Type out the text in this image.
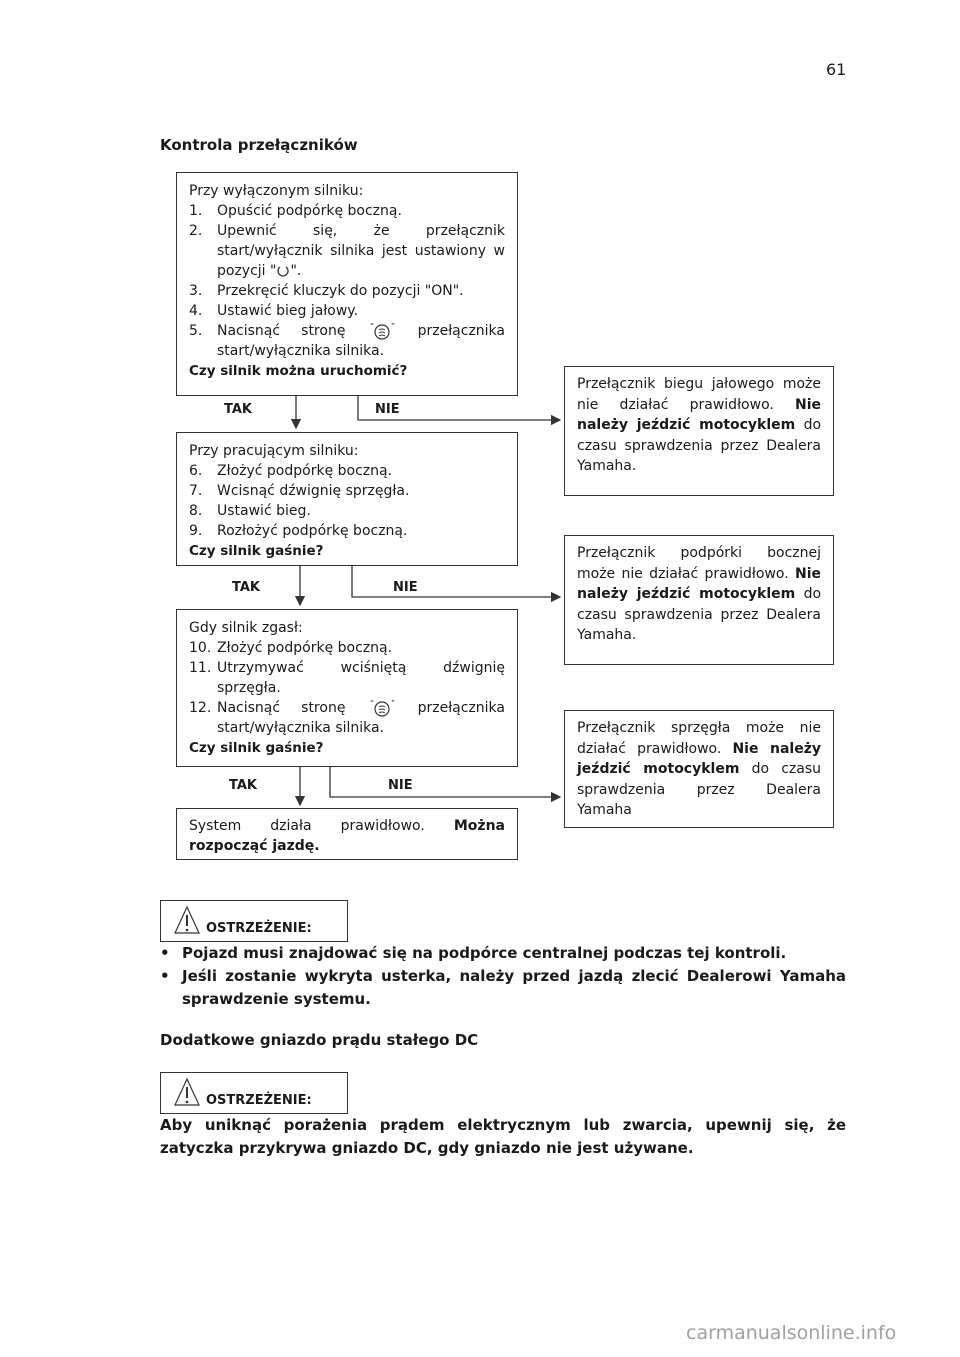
61
Kontrola przełączników
Przy wyłączonym silniku:
1.	Opuścić podpórkę boczną.
2.	Upewnić się, że przełącznik start/wyłącznik silnika jest ustawiony w pozycji " ".
3.	Przekręcić kluczyk do pozycji "ON".
4.	Ustawić bieg jałowy.
5.	Nacisnąć stronę “ ” przełącznika start/wyłącznika silnika.
Czy silnik można uruchomić?
TAK	NIE
Przełącznik biegu jałowego może nie działać prawidłowo. Nie należy jeździć motocyklem do czasu sprawdzenia przez Dealera Yamaha.
Przy pracującym silniku:
6.	Złożyć podpórkę boczną.
7.	Wcisnąć dźwignię sprzęgła.
8.	Ustawić bieg.
9.	Rozłożyć podpórkę boczną.
Czy silnik gaśnie?
TAK	NIE
Przełącznik podpórki bocznej może nie działać prawidłowo. Nie należy jeździć motocyklem do czasu sprawdzenia przez Dealera Yamaha.
Gdy silnik zgasł:
10. Złożyć podpórkę boczną.
11. Utrzymywać wciśniętą dźwignię sprzęgła.
12. Nacisnąć stronę “ ” przełącznika start/wyłącznika silnika.
Czy silnik gaśnie?
TAK	NIE
Przełącznik sprzęgła może nie działać prawidłowo. Nie należy jeździć motocyklem do czasu sprawdzenia przez Dealera Yamaha
System działa prawidłowo. Można rozpocząć jazdę.
OSTRZEŻENIE:
• Pojazd musi znajdować się na podpórce centralnej podczas tej kontroli.
• Jeśli zostanie wykryta usterka, należy przed jazdą zlecić Dealerowi Yamaha sprawdzenie systemu.
Dodatkowe gniazdo prądu stałego DC
OSTRZEŻENIE:
Aby uniknąć porażenia prądem elektrycznym lub zwarcia, upewnij się, że zatyczka przykrywa gniazdo DC, gdy gniazdo nie jest używane.
carmanualsonline.info
